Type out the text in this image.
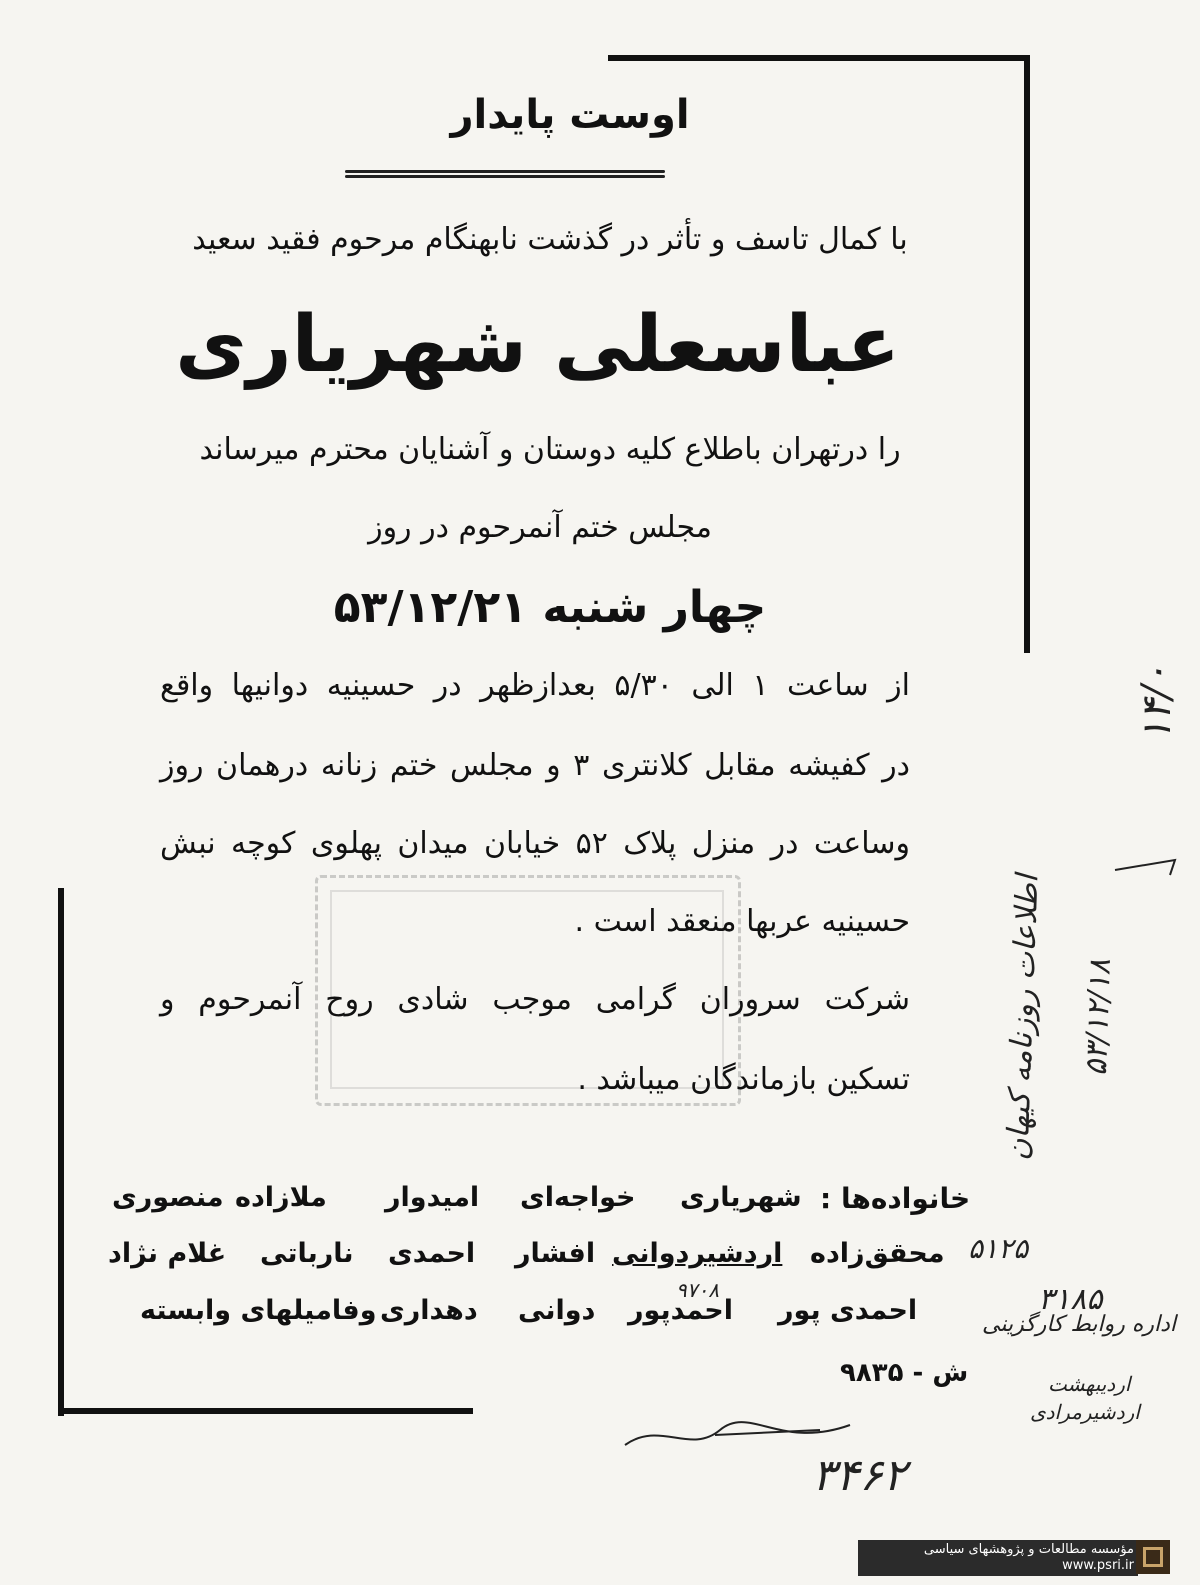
اوست پایدار
با کمال تاسف و تأثر در گذشت نابهنگام مرحوم فقید سعید
عباسعلی شهریاری
را درتهران باطلاع کلیه دوستان و آشنایان محترم میرساند
مجلس ختم آنمرحوم در روز
چهار شنبه ۵۳/۱۲/۲۱
از ساعت ۱ الی ۵/۳۰ بعدازظهر در حسینیه دوانیها واقع
در کفیشه مقابل کلانتری ۳ و مجلس ختم زنانه درهمان روز
وساعت در منزل پلاک ۵۲ خیابان میدان پهلوی کوچه نبش
حسینیه عربها منعقد است .
شرکت سروران گرامی موجب شادی روح آنمرحوم و
تسکین بازماندگان میباشد .
خانواده‌ها :
شهریاری
خواجه‌ای
امیدوار
ملازاده
منصوری
محقق‌زاده
اردشیردوانی
افشار
احمدی
نارباتی
غلام نژاد
احمدی پور
احمدپور
دوانی
دهداری
وفامیلهای وابسته
ش - ۹۸۳۵
۱۴/۰
اطلاعات روزنامه کیهان ۵۳/۱۲/۱۸
۵۱۲۵
۳۱۸۵
اداره روابط کارگزینی
اردیبهشت
اردشیرمرادی
۹۷۰۸
۳۴۶۲
مؤسسه مطالعات و پژوهشهای سیاسی
www.psri.ir
